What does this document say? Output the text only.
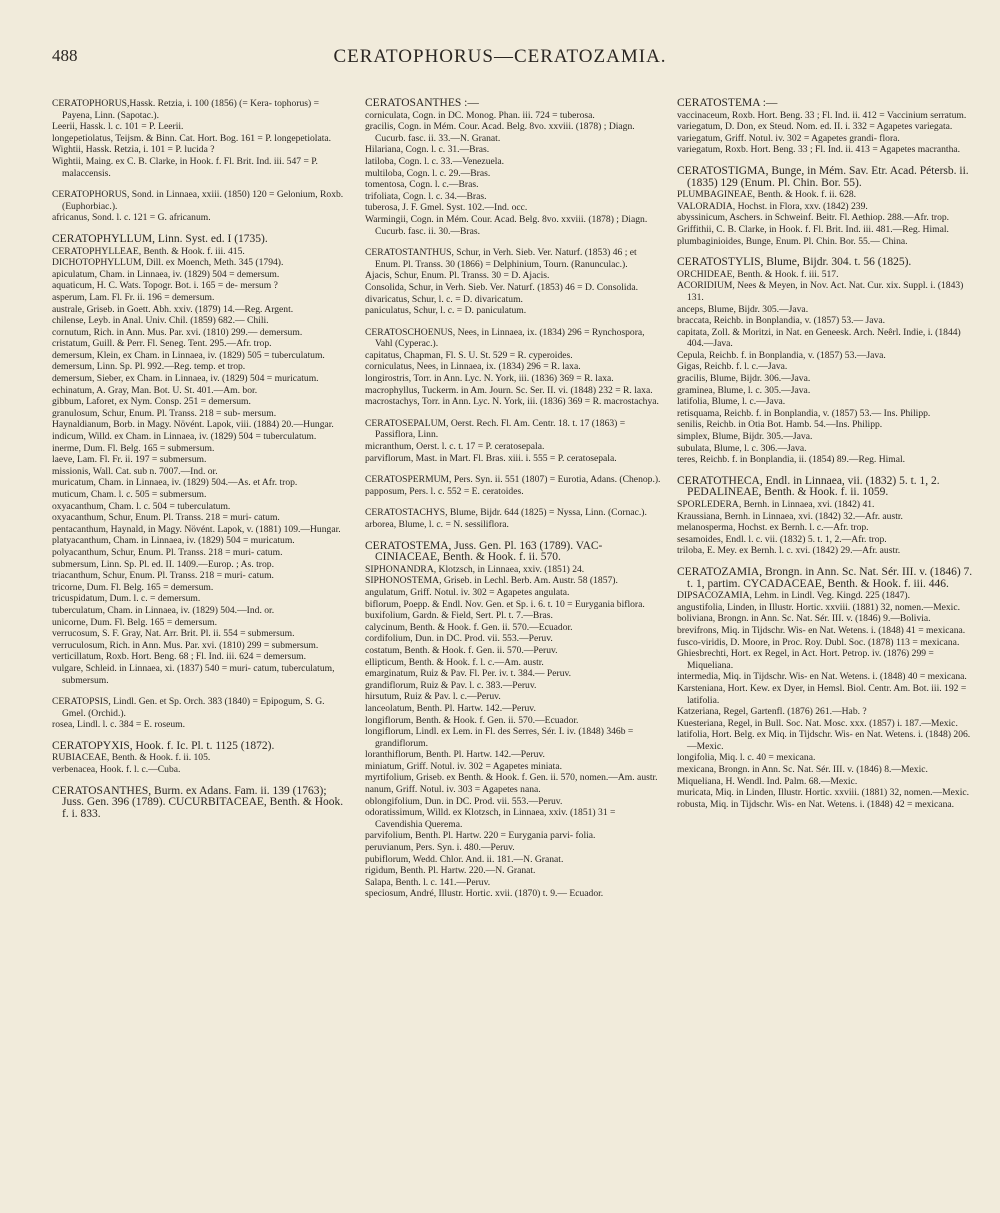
488	CERATOPHORUS—CERATOZAMIA.
CERATOPHORUS,Hassk. Retzia, i. 100 (1856) (= Kera- tophorus) = Payena, Linn. (Sapotac.).
Leerii, Hassk. l. c. 101 = P. Leerii.
longepetiolatus, Teijsm. & Binn. Cat. Hort. Bog. 161 = P. longepetiolata.
Wightii, Hassk. Retzia, i. 101 = P. lucida ?
Wightii, Maing. ex C. B. Clarke, in Hook. f. Fl. Brit. Ind. iii. 547 = P. malaccensis.
CERATOPHORUS, Sond. in Linnaea, xxiii. (1850) 120 = Gelonium, Roxb. (Euphorbiac.).
africanus, Sond. l. c. 121 = G. africanum.
CERATOPHYLLUM, Linn. Syst. ed. I (1735).
CERATOPHYLLEAE, Benth. & Hook. f. iii. 415.
DICHOTOPHYLLUM, Dill. ex Moench, Meth. 345 (1794).
apiculatum, Cham. in Linnaea, iv. (1829) 504 = demersum.
aquaticum, H. C. Wats. Topogr. Bot. i. 165 = de- mersum ?
asperum, Lam. Fl. Fr. ii. 196 = demersum.
australe, Griseb. in Goett. Abh. xxiv. (1879) 14.—Reg. Argent.
chilense, Leyb. in Anal. Univ. Chil. (1859) 682.— Chili.
cornutum, Rich. in Ann. Mus. Par. xvi. (1810) 299.— demersum.
cristatum, Guill. & Perr. Fl. Seneg. Tent. 295.—Afr. trop.
demersum, Klein, ex Cham. in Linnaea, iv. (1829) 505 = tuberculatum.
demersum, Linn. Sp. Pl. 992.—Reg. temp. et trop.
demersum, Sieber, ex Cham. in Linnaea, iv. (1829) 504 = muricatum.
echinatum, A. Gray, Man. Bot. U. St. 401.—Am. bor.
gibbum, Laforet, ex Nym. Consp. 251 = demersum.
granulosum, Schur, Enum. Pl. Transs. 218 = sub- mersum.
Haynaldianum, Borb. in Magy. Növént. Lapok, viii. (1884) 20.—Hungar.
indicum, Willd. ex Cham. in Linnaea, iv. (1829) 504 = tuberculatum.
inerme, Dum. Fl. Belg. 165 = submersum.
laeve, Lam. Fl. Fr. ii. 197 = submersum.
missionis, Wall. Cat. sub n. 7007.—Ind. or.
muricatum, Cham. in Linnaea, iv. (1829) 504.—As. et Afr. trop.
muticum, Cham. l. c. 505 = submersum.
oxyacanthum, Cham. l. c. 504 = tuberculatum.
oxyacanthum, Schur, Enum. Pl. Transs. 218 = muri- catum.
pentacanthum, Haynald, in Magy. Növént. Lapok, v. (1881) 109.—Hungar.
platyacanthum, Cham. in Linnaea, iv. (1829) 504 = muricatum.
polyacanthum, Schur, Enum. Pl. Transs. 218 = muri- catum.
submersum, Linn. Sp. Pl. ed. II. 1409.—Europ. ; As. trop.
triacanthum, Schur, Enum. Pl. Transs. 218 = muri- catum.
tricorne, Dum. Fl. Belg. 165 = demersum.
tricuspidatum, Dum. l. c. = demersum.
tuberculatum, Cham. in Linnaea, iv. (1829) 504.—Ind. or.
unicorne, Dum. Fl. Belg. 165 = demersum.
verrucosum, S. F. Gray, Nat. Arr. Brit. Pl. ii. 554 = submersum.
verruculosum, Rich. in Ann. Mus. Par. xvi. (1810) 299 = submersum.
verticillatum, Roxb. Hort. Beng. 68 ; Fl. Ind. iii. 624 = demersum.
vulgare, Schleid. in Linnaea, xi. (1837) 540 = muri- catum, tuberculatum, submersum.
CERATOPSIS, Lindl. Gen. et Sp. Orch. 383 (1840) = Epipogum, S. G. Gmel. (Orchid.).
rosea, Lindl. l. c. 384 = E. roseum.
CERATOPYXIS, Hook. f. Ic. Pl. t. 1125 (1872).
RUBIACEAE, Benth. & Hook. f. ii. 105.
verbenacea, Hook. f. l. c.—Cuba.
CERATOSANTHES, Burm. ex Adans. Fam. ii. 139 (1763); Juss. Gen. 396 (1789). CUCURBITACEAE, Benth. & Hook. f. i. 833.
CERATOSANTHES :—
corniculata, Cogn. in DC. Monog. Phan. iii. 724 = tuberosa.
gracilis, Cogn. in Mém. Cour. Acad. Belg. 8vo. xxviii. (1878) ; Diagn. Cucurb. fasc. ii. 33.—N. Granat.
Hilariana, Cogn. l. c. 31.—Bras.
latiloba, Cogn. l. c. 33.—Venezuela.
multiloba, Cogn. l. c. 29.—Bras.
tomentosa, Cogn. l. c.—Bras.
trifoliata, Cogn. l. c. 34.—Bras.
tuberosa, J. F. Gmel. Syst. 102.—Ind. occ.
Warmingii, Cogn. in Mém. Cour. Acad. Belg. 8vo. xxviii. (1878) ; Diagn. Cucurb. fasc. ii. 30.—Bras.
CERATOSTANTHUS, Schur, in Verh. Sieb. Ver. Naturf. (1853) 46 ; et Enum. Pl. Transs. 30 (1866) = Delphinium, Tourn. (Ranunculac.).
Ajacis, Schur, Enum. Pl. Transs. 30 = D. Ajacis.
Consolida, Schur, in Verh. Sieb. Ver. Naturf. (1853) 46 = D. Consolida.
divaricatus, Schur, l. c. = D. divaricatum.
paniculatus, Schur, l. c. = D. paniculatum.
CERATOSCHOENUS, Nees, in Linnaea, ix. (1834) 296 = Rynchospora, Vahl (Cyperac.).
capitatus, Chapman, Fl. S. U. St. 529 = R. cyperoides.
corniculatus, Nees, in Linnaea, ix. (1834) 296 = R. laxa.
longirostris, Torr. in Ann. Lyc. N. York, iii. (1836) 369 = R. laxa.
macrophyllus, Tuckerm. in Am. Journ. Sc. Ser. II. vi. (1848) 232 = R. laxa.
macrostachys, Torr. in Ann. Lyc. N. York, iii. (1836) 369 = R. macrostachya.
CERATOSEPALUM, Oerst. Rech. Fl. Am. Centr. 18. t. 17 (1863) = Passiflora, Linn.
micranthum, Oerst. l. c. t. 17 = P. ceratosepala.
parviflorum, Mast. in Mart. Fl. Bras. xiii. i. 555 = P. ceratosepala.
CERATOSPERMUM, Pers. Syn. ii. 551 (1807) = Eurotia, Adans. (Chenop.).
papposum, Pers. l. c. 552 = E. ceratoides.
CERATOSTACHYS, Blume, Bijdr. 644 (1825) = Nyssa, Linn. (Cornac.).
arborea, Blume, l. c. = N. sessiliflora.
CERATOSTEMA, Juss. Gen. Pl. 163 (1789). VAC- CINIACEAE, Benth. & Hook. f. ii. 570.
SIPHONANDRA, Klotzsch, in Linnaea, xxiv. (1851) 24.
SIPHONOSTEMA, Griseb. in Lechl. Berb. Am. Austr. 58 (1857).
angulatum, Griff. Notul. iv. 302 = Agapetes angulata.
biflorum, Poepp. & Endl. Nov. Gen. et Sp. i. 6. t. 10 = Eurygania biflora.
buxifolium, Gardn. & Field, Sert. Pl. t. 7.—Bras.
calycinum, Benth. & Hook. f. Gen. ii. 570.—Ecuador.
cordifolium, Dun. in DC. Prod. vii. 553.—Peruv.
costatum, Benth. & Hook. f. Gen. ii. 570.—Peruv.
ellipticum, Benth. & Hook. f. l. c.—Am. austr.
emarginatum, Ruiz & Pav. Fl. Per. iv. t. 384.— Peruv.
grandiflorum, Ruiz & Pav. l. c. 383.—Peruv.
hirsutum, Ruiz & Pav. l. c.—Peruv.
lanceolatum, Benth. Pl. Hartw. 142.—Peruv.
longiflorum, Benth. & Hook. f. Gen. ii. 570.—Ecuador.
longiflorum, Lindl. ex Lem. in Fl. des Serres, Sér. I. iv. (1848) 346b = grandiflorum.
loranthiflorum, Benth. Pl. Hartw. 142.—Peruv.
miniatum, Griff. Notul. iv. 302 = Agapetes miniata.
myrtifolium, Griseb. ex Benth. & Hook. f. Gen. ii. 570, nomen.—Am. austr.
nanum, Griff. Notul. iv. 303 = Agapetes nana.
oblongifolium, Dun. in DC. Prod. vii. 553.—Peruv.
odoratissimum, Willd. ex Klotzsch, in Linnaea, xxiv. (1851) 31 = Cavendishia Querema.
parvifolium, Benth. Pl. Hartw. 220 = Eurygania parvi- folia.
peruvianum, Pers. Syn. i. 480.—Peruv.
pubiflorum, Wedd. Chlor. And. ii. 181.—N. Granat.
rigidum, Benth. Pl. Hartw. 220.—N. Granat.
Salapa, Benth. l. c. 141.—Peruv.
speciosum, André, Illustr. Hortic. xvii. (1870) t. 9.— Ecuador.
CERATOSTEMA :—
vaccinaceum, Roxb. Hort. Beng. 33 ; Fl. Ind. ii. 412 = Vaccinium serratum.
variegatum, D. Don, ex Steud. Nom. ed. II. i. 332 = Agapetes variegata.
variegatum, Griff. Notul. iv. 302 = Agapetes grandi- flora.
variegatum, Roxb. Hort. Beng. 33 ; Fl. Ind. ii. 413 = Agapetes macrantha.
CERATOSTIGMA, Bunge, in Mém. Sav. Etr. Acad. Pétersb. ii. (1835) 129 (Enum. Pl. Chin. Bor. 55).
PLUMBAGINEAE, Benth. & Hook. f. ii. 628.
VALORADIA, Hochst. in Flora, xxv. (1842) 239.
abyssinicum, Aschers. in Schweinf. Beitr. Fl. Aethiop. 288.—Afr. trop.
Griffithii, C. B. Clarke, in Hook. f. Fl. Brit. Ind. iii. 481.—Reg. Himal.
plumbaginioides, Bunge, Enum. Pl. Chin. Bor. 55.— China.
CERATOSTYLIS, Blume, Bijdr. 304. t. 56 (1825).
ORCHIDEAE, Benth. & Hook. f. iii. 517.
ACORIDIUM, Nees & Meyen, in Nov. Act. Nat. Cur. xix. Suppl. i. (1843) 131.
anceps, Blume, Bijdr. 305.—Java.
braccata, Reichb. in Bonplandia, v. (1857) 53.— Java.
capitata, Zoll. & Moritzi, in Nat. en Geneesk. Arch. Neêrl. Indie, i. (1844) 404.—Java.
Cepula, Reichb. f. in Bonplandia, v. (1857) 53.—Java.
Gigas, Reichb. f. l. c.—Java.
gracilis, Blume, Bijdr. 306.—Java.
graminea, Blume, l. c. 305.—Java.
latifolia, Blume, l. c.—Java.
retisquama, Reichb. f. in Bonplandia, v. (1857) 53.— Ins. Philipp.
senilis, Reichb. in Otia Bot. Hamb. 54.—Ins. Philipp.
simplex, Blume, Bijdr. 305.—Java.
subulata, Blume, l. c. 306.—Java.
teres, Reichb. f. in Bonplandia, ii. (1854) 89.—Reg. Himal.
CERATOTHECA, Endl. in Linnaea, vii. (1832) 5. t. 1, 2. PEDALINEAE, Benth. & Hook. f. ii. 1059.
SPORLEDERA, Bernh. in Linnaea, xvi. (1842) 41.
Kraussiana, Bernh. in Linnaea, xvi. (1842) 32.—Afr. austr.
melanosperma, Hochst. ex Bernh. l. c.—Afr. trop.
sesamoides, Endl. l. c. vii. (1832) 5. t. 1, 2.—Afr. trop.
triloba, E. Mey. ex Bernh. l. c. xvi. (1842) 29.—Afr. austr.
CERATOZAMIA, Brongn. in Ann. Sc. Nat. Sér. III. v. (1846) 7. t. 1, partim. CYCADACEAE, Benth. & Hook. f. iii. 446.
DIPSACOZAMIA, Lehm. in Lindl. Veg. Kingd. 225 (1847).
angustifolia, Linden, in Illustr. Hortic. xxviii. (1881) 32, nomen.—Mexic.
boliviana, Brongn. in Ann. Sc. Nat. Sér. III. v. (1846) 9.—Bolivia.
brevifrons, Miq. in Tijdschr. Wis- en Nat. Wetens. i. (1848) 41 = mexicana.
fusco-viridis, D. Moore, in Proc. Roy. Dubl. Soc. (1878) 113 = mexicana.
Ghiesbrechti, Hort. ex Regel, in Act. Hort. Petrop. iv. (1876) 299 = Miqueliana.
intermedia, Miq. in Tijdschr. Wis- en Nat. Wetens. i. (1848) 40 = mexicana.
Karsteniana, Hort. Kew. ex Dyer, in Hemsl. Biol. Centr. Am. Bot. iii. 192 = latifolia.
Katzeriana, Regel, Gartenfl. (1876) 261.—Hab. ?
Kuesteriana, Regel, in Bull. Soc. Nat. Mosc. xxx. (1857) i. 187.—Mexic.
latifolia, Hort. Belg. ex Miq. in Tijdschr. Wis- en Nat. Wetens. i. (1848) 206.—Mexic.
longifolia, Miq. l. c. 40 = mexicana.
mexicana, Brongn. in Ann. Sc. Nat. Sér. III. v. (1846) 8.—Mexic.
Miqueliana, H. Wendl. Ind. Palm. 68.—Mexic.
muricata, Miq. in Linden, Illustr. Hortic. xxviii. (1881) 32, nomen.—Mexic.
robusta, Miq. in Tijdschr. Wis- en Nat. Wetens. i. (1848) 42 = mexicana.
